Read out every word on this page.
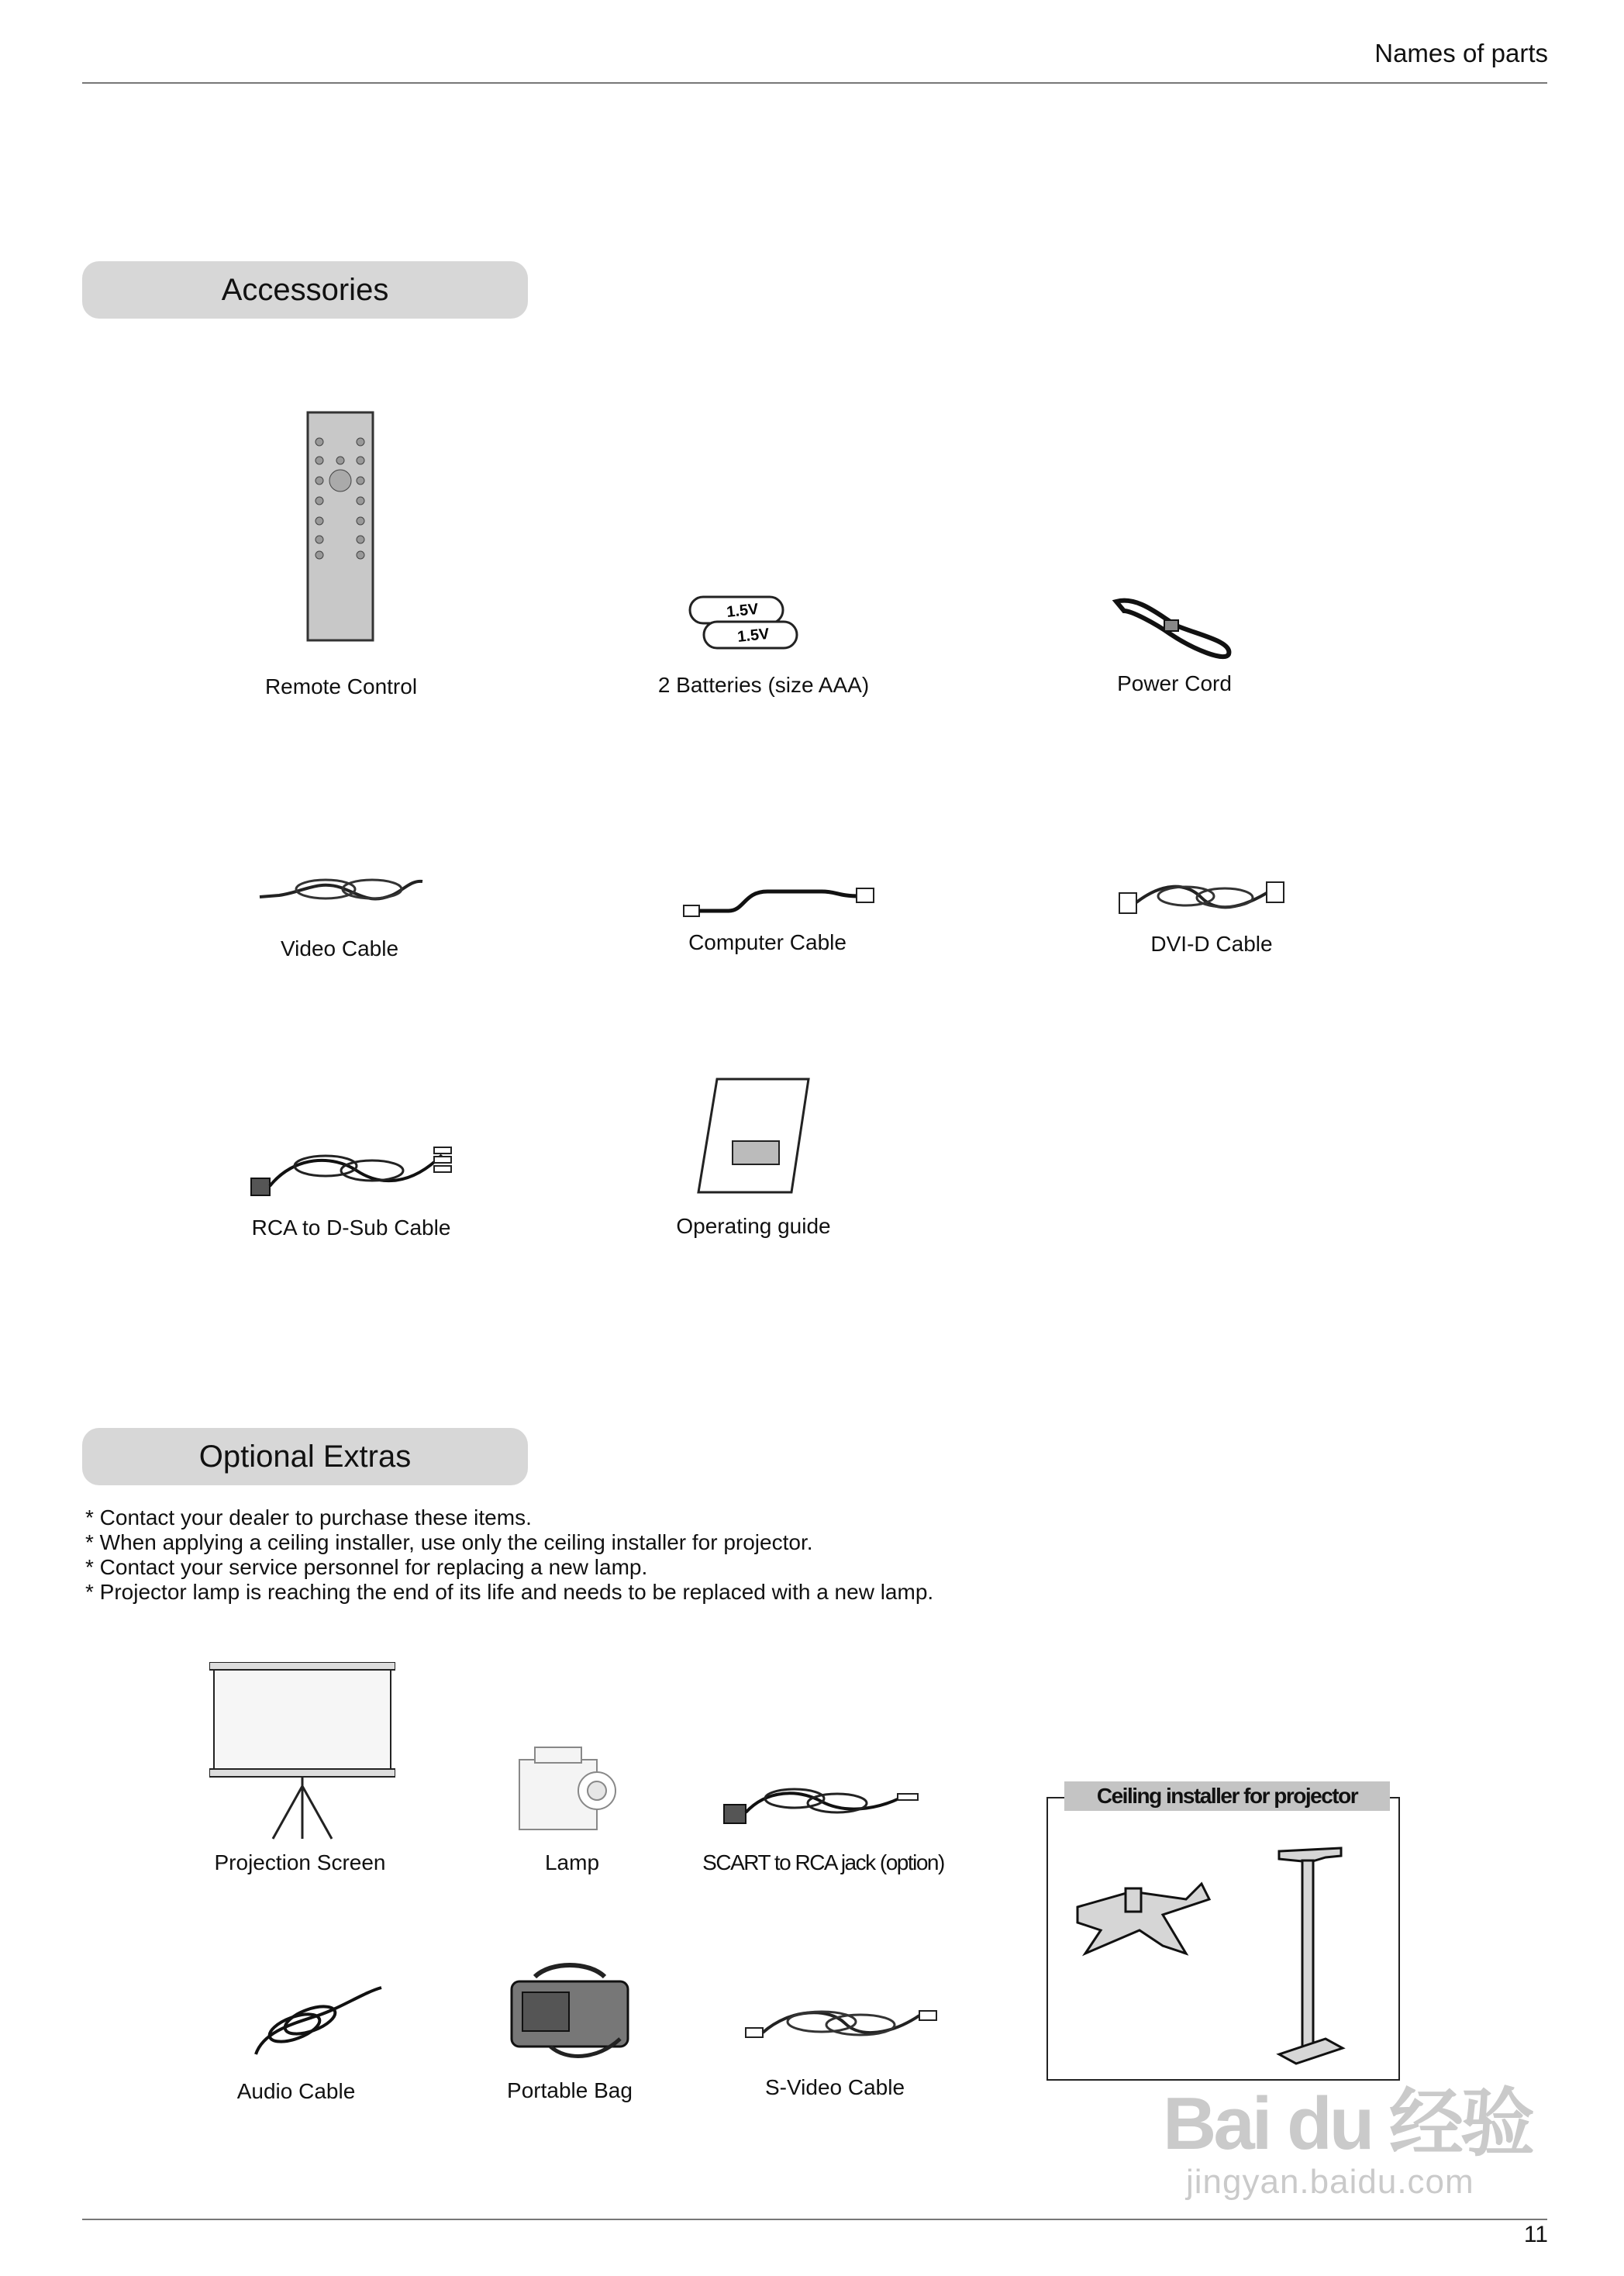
Names of parts
Accessories
Remote Control
1.5V
1.5V
2 Batteries (size AAA)	Power Cord
Video Cable	Computer Cable	DVI-D Cable
RCA to D-Sub Cable	Operating guide
Optional Extras
* Contact your dealer to purchase these items.
* When applying a ceiling installer, use only the ceiling installer for projector.
* Contact your service personnel for replacing a new lamp.
* Projector lamp is reaching the end of its life and needs to be replaced with a new lamp.
Projection Screen	Lamp	SCART to RCA jack (option)
Audio Cable	Portable Bag	S-Video Cable
Ceiling installer for projector
Bai du 经验
jingyan.baidu.com
11
